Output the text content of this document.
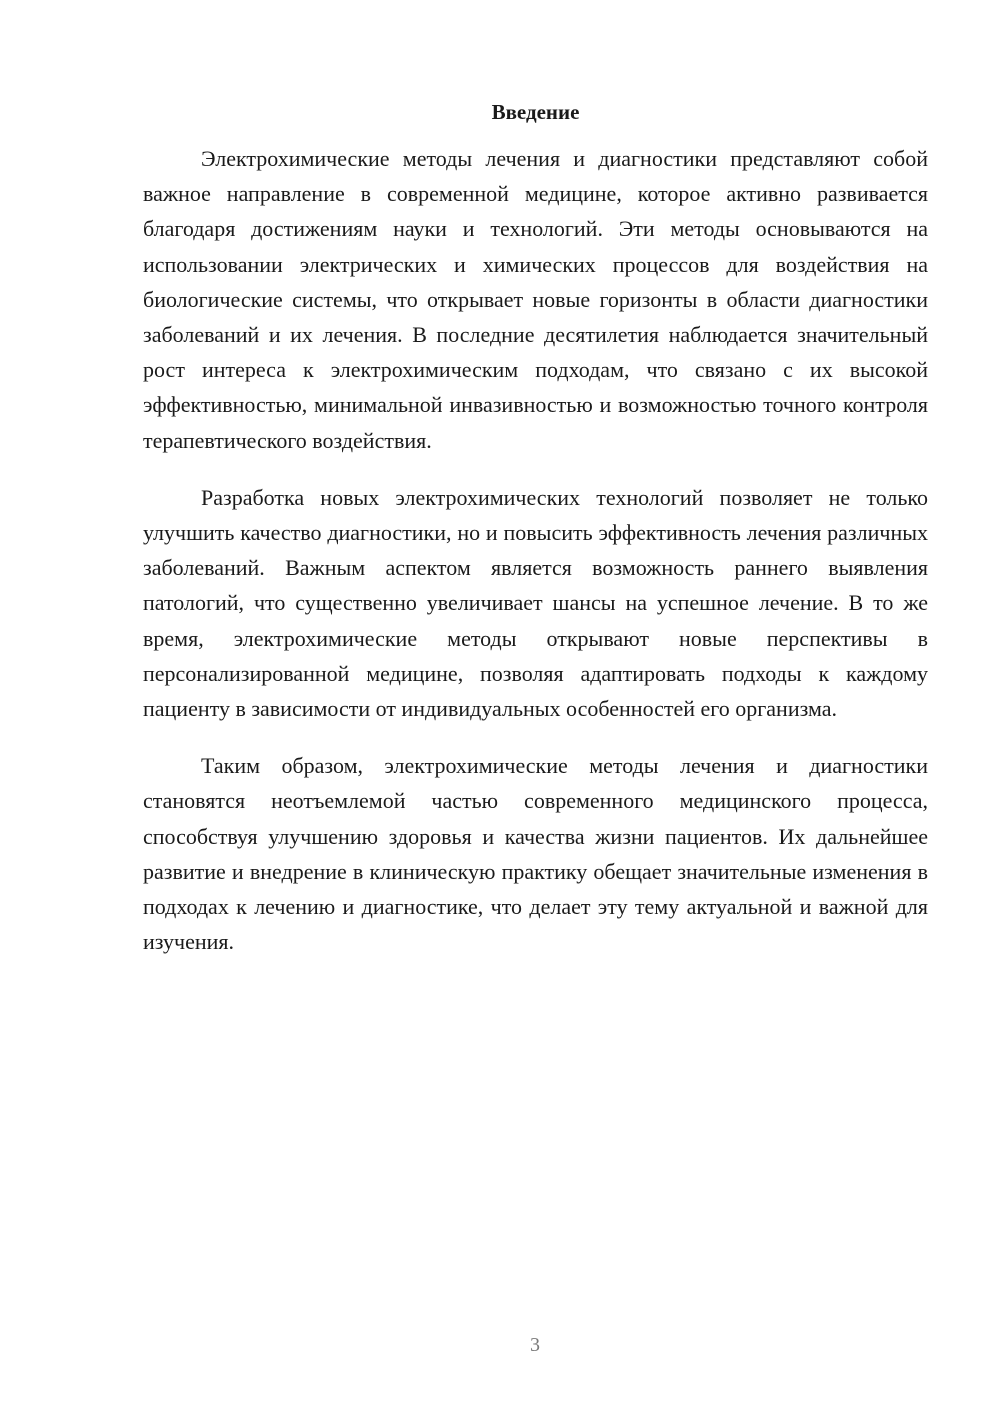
Введение

Электрохимические методы лечения и диагностики представляют собой важное направление в современной медицине, которое активно развивается благодаря достижениям науки и технологий. Эти методы основываются на использовании электрических и химических процессов для воздействия на биологические системы, что открывает новые горизонты в области диагностики заболеваний и их лечения. В последние десятилетия наблюдается значительный рост интереса к электрохимическим подходам, что связано с их высокой эффективностью, минимальной инвазивностью и возможностью точного контроля терапевтического воздействия.

Разработка новых электрохимических технологий позволяет не только улучшить качество диагностики, но и повысить эффективность лечения различных заболеваний. Важным аспектом является возможность раннего выявления патологий, что существенно увеличивает шансы на успешное лечение. В то же время, электрохимические методы открывают новые перспективы в персонализированной медицине, позволяя адаптировать подходы к каждому пациенту в зависимости от индивидуальных особенностей его организма.

Таким образом, электрохимические методы лечения и диагностики становятся неотъемлемой частью современного медицинского процесса, способствуя улучшению здоровья и качества жизни пациентов. Их дальнейшее развитие и внедрение в клиническую практику обещает значительные изменения в подходах к лечению и диагностике, что делает эту тему актуальной и важной для изучения.

3
